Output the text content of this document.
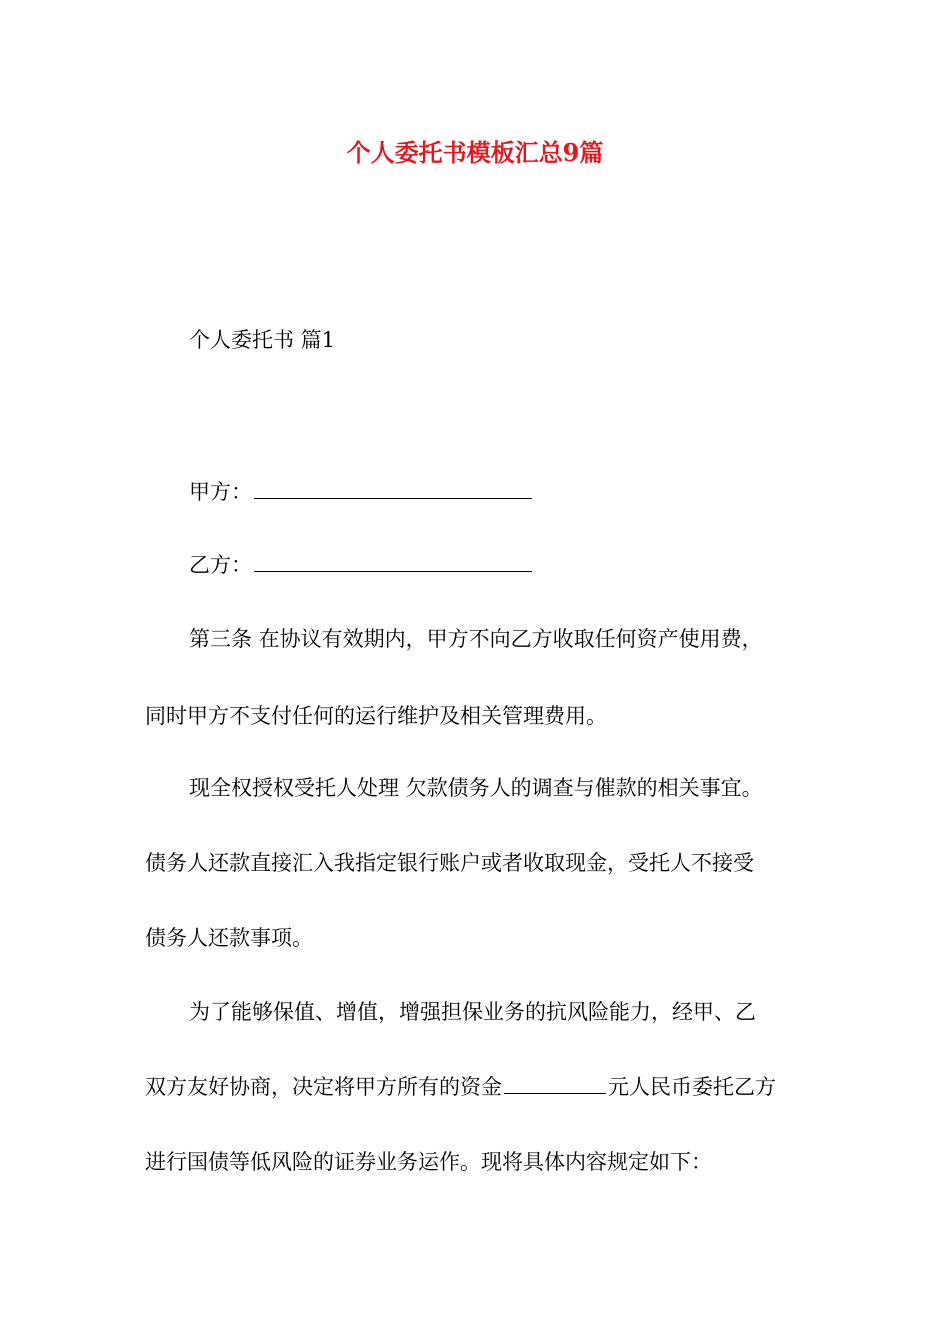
个人委托书模板汇总9篇
个人委托书 篇1
甲方：
乙方：
第三条 在协议有效期内，甲方不向乙方收取任何资产使用费，
同时甲方不支付任何的运行维护及相关管理费用。
现全权授权受托人处理 欠款债务人的调查与催款的相关事宜。
债务人还款直接汇入我指定银行账户或者收取现金，受托人不接受
债务人还款事项。
为了能够保值、增值，增强担保业务的抗风险能力，经甲、乙
双方友好协商，决定将甲方所有的资金	元人民币委托乙方
进行国债等低风险的证券业务运作。现将具体内容规定如下：
